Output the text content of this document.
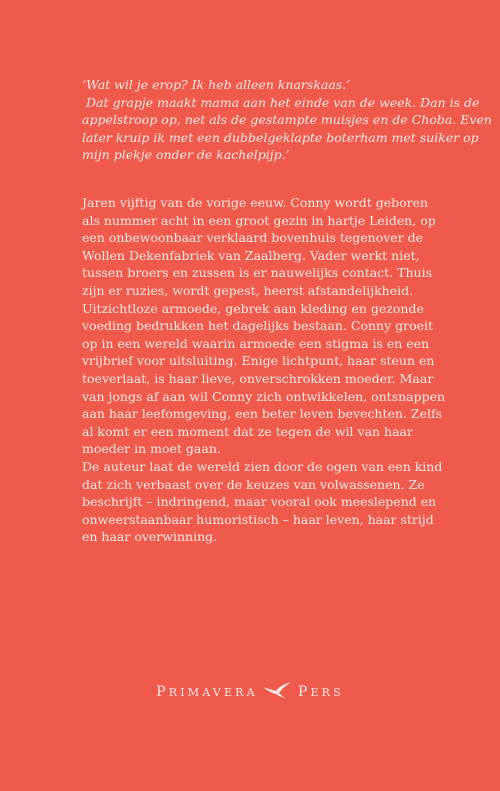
‘Wat wil je erop? Ik heb alleen knarskaas.’
Dat grapje maakt mama aan het einde van de week. Dan is de
appelstroop op, net als de gestampte muisjes en de Choba. Even
later kruip ik met een dubbelgeklapte boterham met suiker op
mijn plekje onder de kachelpijp.’
Jaren vijftig van de vorige eeuw. Conny wordt geboren
als nummer acht in een groot gezin in hartje Leiden, op
een onbewoonbaar verklaard bovenhuis tegenover de
Wollen Dekenfabriek van Zaalberg. Vader werkt niet,
tussen broers en zussen is er nauwelijks contact. Thuis
zijn er ruzies, wordt gepest, heerst afstandelijkheid.
Uitzichtloze armoede, gebrek aan kleding en gezonde
voeding bedrukken het dagelijks bestaan. Conny groeit
op in een wereld waarin armoede een stigma is en een
vrijbrief voor uitsluiting. Enige lichtpunt, haar steun en
toeverlaat, is haar lieve, onverschrokken moeder. Maar
van jongs af aan wil Conny zich ontwikkelen, ontsnappen
aan haar leefomgeving, een beter leven bevechten. Zelfs
al komt er een moment dat ze tegen de wil van haar
moeder in moet gaan.
De auteur laat de wereld zien door de ogen van een kind
dat zich verbaast over de keuzes van volwassenen. Ze
beschrijft – indringend, maar vooral ook meeslepend en
onweerstaanbaar humoristisch – haar leven, haar strijd
en haar overwinning.
PRIMAVERA	PERS
